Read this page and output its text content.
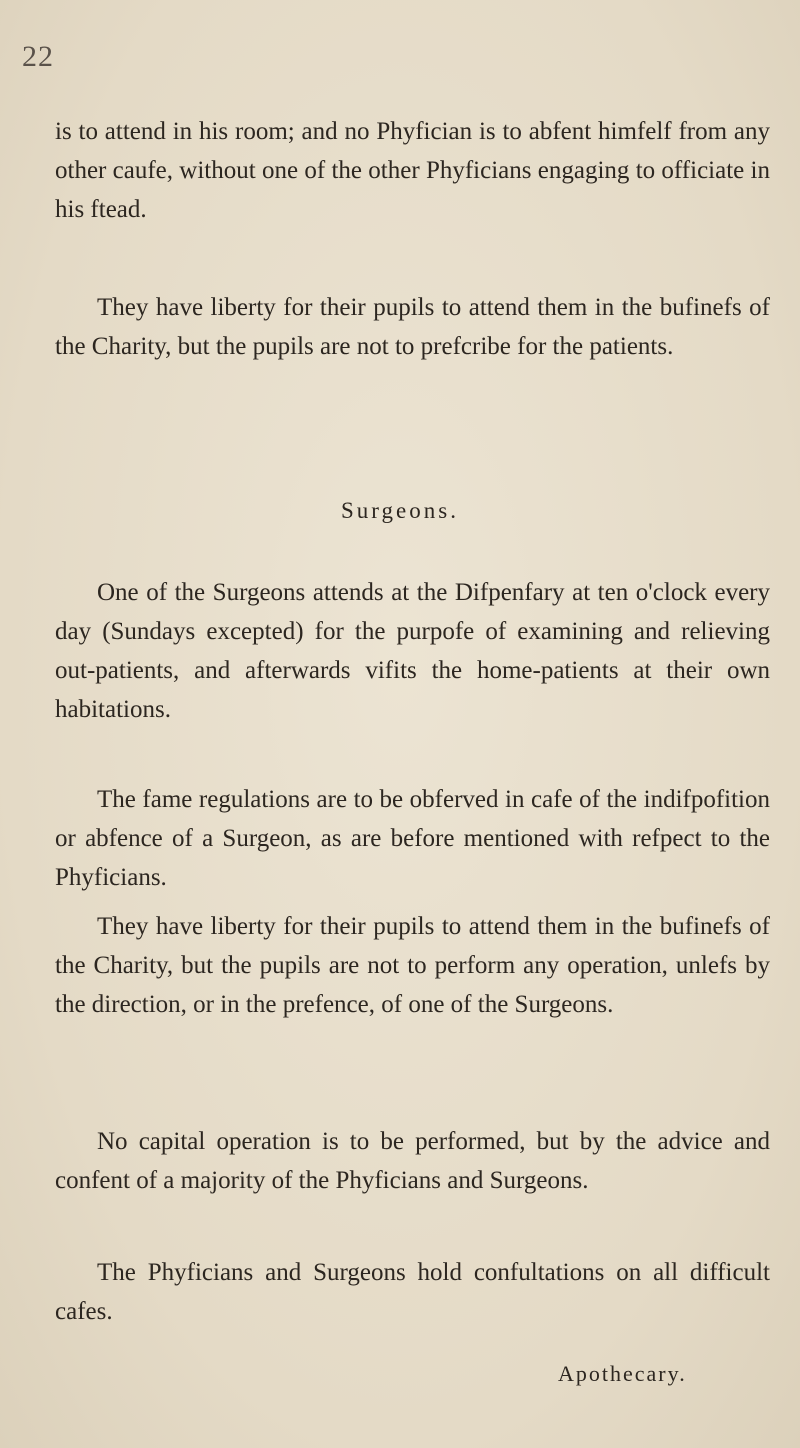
22

is to attend in his room; and no Phyfician is to abfent himfelf from any other caufe, without one of the other Phyficians engaging to officiate in his ftead.

They have liberty for their pupils to attend them in the bufinefs of the Charity, but the pupils are not to prefcribe for the patients.

Surgeons.

One of the Surgeons attends at the Difpenfary at ten o'clock every day (Sundays excepted) for the purpofe of examining and relieving out-patients, and afterwards vifits the home-patients at their own habitations.

The fame regulations are to be obferved in cafe of the indifpofition or abfence of a Surgeon, as are before mentioned with refpect to the Phyficians.

They have liberty for their pupils to attend them in the bufinefs of the Charity, but the pupils are not to perform any operation, unlefs by the direction, or in the prefence, of one of the Surgeons.

No capital operation is to be performed, but by the advice and confent of a majority of the Phyficians and Surgeons.

The Phyficians and Surgeons hold confultations on all difficult cafes.

Apothecary.
